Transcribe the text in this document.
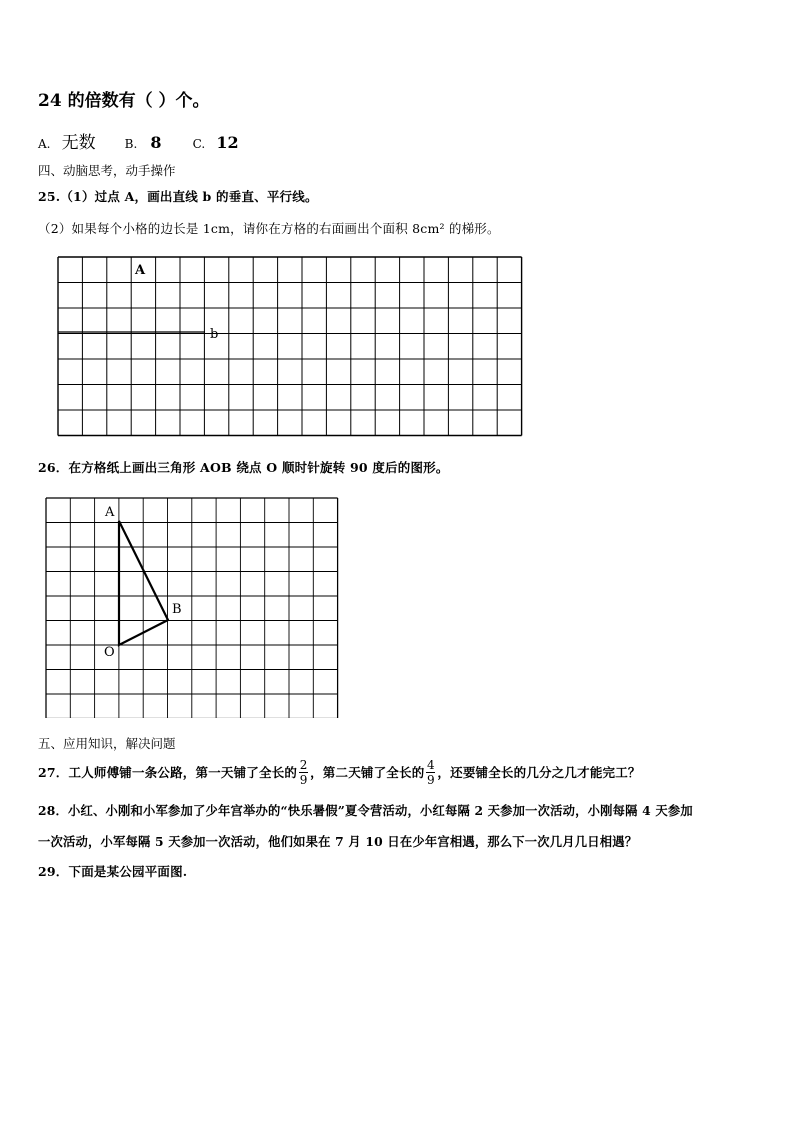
24 的倍数有（ ）个。
A. 无数 B. 8	C. 12
四、动脑思考，动手操作
25.（1）过点 A，画出直线 b 的垂直、平行线。
（2）如果每个小格的边长是 1cm，请你在方格的右面画出个面积 8cm² 的梯形。
A
b
26．在方格纸上画出三角形 AOB 绕点 O 顺时针旋转 90 度后的图形。
A
B
O
五、应用知识，解决问题
27．工人师傅铺一条公路，第一天铺了全长的 $\frac{2}{9}$ ，第二天铺了全长的 $\frac{4}{9}$ ，还要铺全长的几分之几才能完工？
28．小红、小刚和小军参加了少年宫举办的“快乐暑假”夏令营活动，小红每隔 2 天参加一次活动，小刚每隔 4 天参加
一次活动，小军每隔 5 天参加一次活动，他们如果在 7 月 10 日在少年宫相遇，那么下一次几月几日相遇？
29．下面是某公园平面图.
